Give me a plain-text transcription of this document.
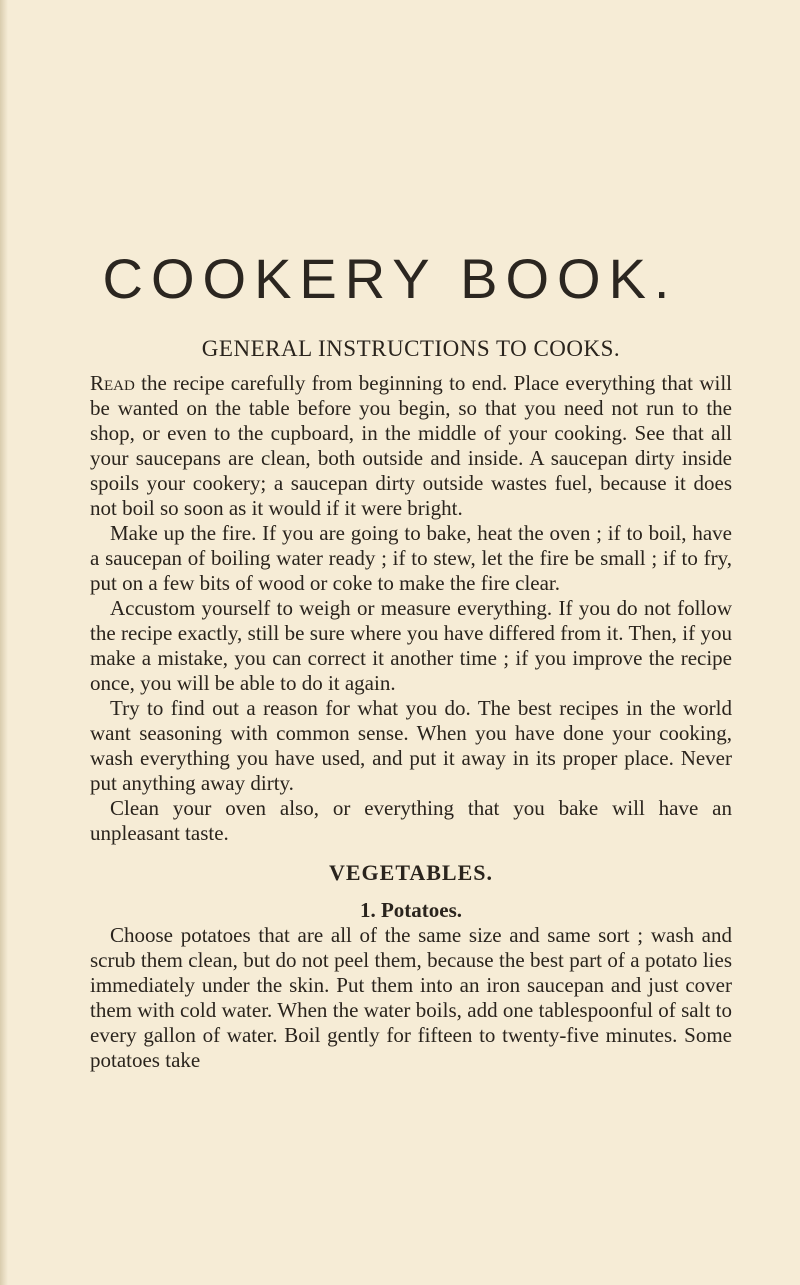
COOKERY BOOK.
GENERAL INSTRUCTIONS TO COOKS.

Read the recipe carefully from beginning to end. Place everything that will be wanted on the table before you begin, so that you need not run to the shop, or even to the cupboard, in the middle of your cooking. See that all your saucepans are clean, both outside and inside. A saucepan dirty inside spoils your cookery; a saucepan dirty outside wastes fuel, because it does not boil so soon as it would if it were bright.

Make up the fire. If you are going to bake, heat the oven ; if to boil, have a saucepan of boiling water ready ; if to stew, let the fire be small ; if to fry, put on a few bits of wood or coke to make the fire clear.

Accustom yourself to weigh or measure everything. If you do not follow the recipe exactly, still be sure where you have differed from it. Then, if you make a mistake, you can correct it another time ; if you improve the recipe once, you will be able to do it again.

Try to find out a reason for what you do. The best recipes in the world want seasoning with common sense. When you have done your cooking, wash everything you have used, and put it away in its proper place. Never put anything away dirty.

Clean your oven also, or everything that you bake will have an unpleasant taste.

VEGETABLES.
1. Potatoes.

Choose potatoes that are all of the same size and same sort ; wash and scrub them clean, but do not peel them, because the best part of a potato lies immediately under the skin. Put them into an iron saucepan and just cover them with cold water. When the water boils, add one tablespoonful of salt to every gallon of water. Boil gently for fifteen to twenty-five minutes. Some potatoes take
